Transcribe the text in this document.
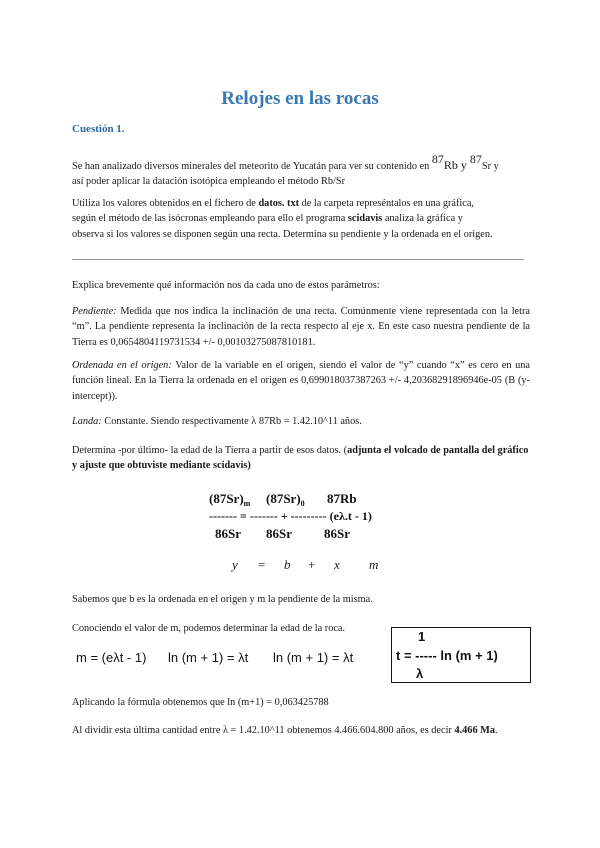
Relojes en las rocas
Cuestión 1.
Se han analizado diversos minerales del meteorito de Yucatán para ver su contenido en 87Rb y 87Sr y
así poder aplicar la datación isotópica empleando el método Rb/Sr
Utiliza los valores obtenidos en el fichero de datos. txt de la carpeta represéntalos en una gráfica,
según el método de las isócronas empleando para ello el programa scidavis analiza la gráfica y
observa si los valores se disponen según una recta. Determina su pendiente y la ordenada en el origen.
Explica brevemente qué información nos da cada uno de estos parámetros:
Pendiente: Medida que nos indica la inclinación de una recta. Comúnmente viene representada con la letra “m”. La pendiente representa la inclinación de la recta respecto al eje x. En este caso nuestra pendiente de la Tierra es 0,0654804119731534 +/- 0,00103275087810181.
Ordenada en el origen: Valor de la variable en el origen, siendo el valor de “y” cuando “x” es cero en una función lineal. En la Tierra la ordenada en el origen es 0,699018037387263 +/- 4,20368291896946e-05 (B (y-intercept)).
Landa: Constante. Siendo respectivamente λ 87Rb = 1.42.10^11 años.
Determina -por último- la edad de la Tierra a partir de esos datos. (adjunta el volcado de pantalla del gráfico y ajuste que obtuviste mediante scidavis)
$(87Sr)_m$ $(87Sr)_0$ 87Rb
------- = ------- + --------- (eλ.t - 1)
86Sr 86Sr 86Sr
y = b + x m
Sabemos que b es la ordenada en el origen y m la pendiente de la misma.
Conociendo el valor de m, podemos determinar la edad de la roca.
m = (eλt - 1) ln (m + 1) = λt ln (m + 1) = λt
1
t = ----- ln (m + 1)
λ
Aplicando la fórmula obtenemos que ln (m+1) = 0,063425788
Al dividir esta última cantidad entre λ = 1.42.10^11 obtenemos 4.466.604.800 años, es decir 4.466 Ma.
